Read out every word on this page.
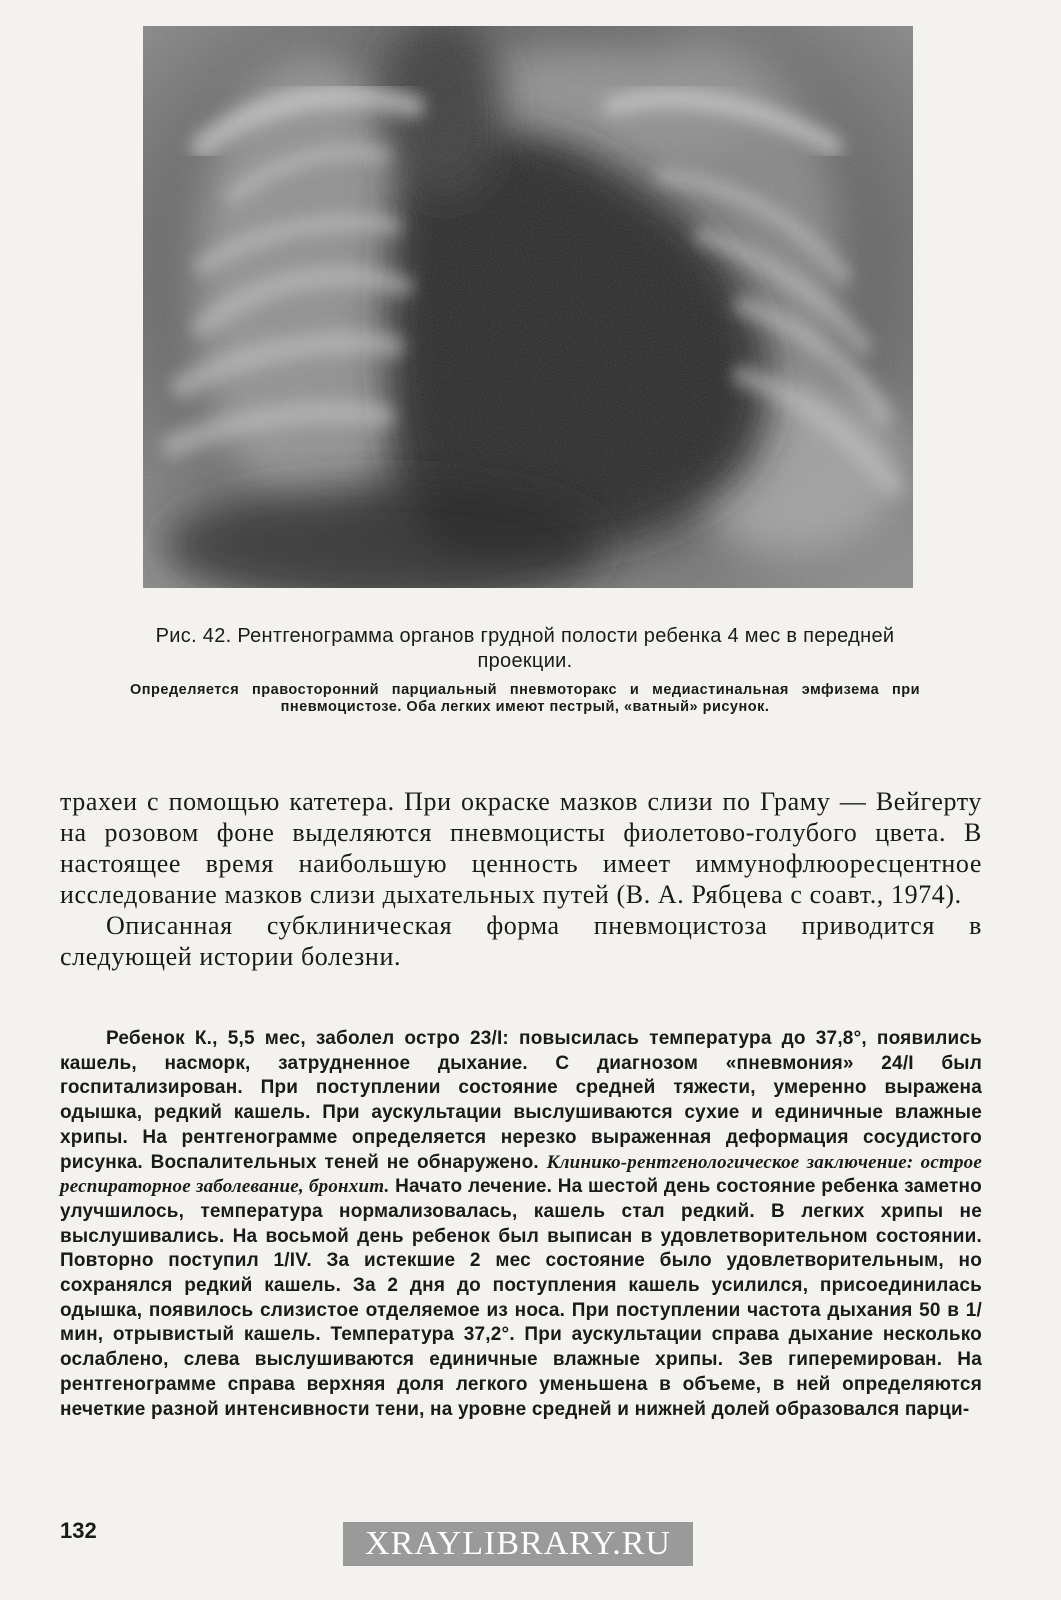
Рис. 42. Рентгенограмма органов грудной полости ребенка 4 мес в передней проекции.

Определяется правосторонний парциальный пневмоторакс и медиастинальная эмфизема при пневмоцистозе. Оба легких имеют пестрый, «ватный» рисунок.

трахеи с помощью катетера. При окраске мазков слизи по Граму — Вейгерту на розовом фоне выделяются пневмоцисты фиолетово-голубого цвета. В настоящее время наибольшую ценность имеет иммунофлюоресцентное исследование мазков слизи дыхательных путей (В. А. Рябцева с соавт., 1974).

Описанная субклиническая форма пневмоцистоза приводится в следующей истории болезни.

Ребенок К., 5,5 мес, заболел остро 23/I: повысилась температура до 37,8°, появились кашель, насморк, затрудненное дыхание. С диагнозом «пневмония» 24/I был госпитализирован. При поступлении состояние средней тяжести, умеренно выражена одышка, редкий кашель. При аускультации выслушиваются сухие и единичные влажные хрипы. На рентгенограмме определяется нерезко выраженная деформация сосудистого рисунка. Воспалительных теней не обнаружено. Клинико-рентгенологическое заключение: острое респираторное заболевание, бронхит. Начато лечение. На шестой день состояние ребенка заметно улучшилось, температура нормализовалась, кашель стал редкий. В легких хрипы не выслушивались. На восьмой день ребенок был выписан в удовлетворительном состоянии. Повторно поступил 1/IV. За истекшие 2 мес состояние было удовлетворительным, но сохранялся редкий кашель. За 2 дня до поступления кашель усилился, присоединилась одышка, появилось слизистое отделяемое из носа. При поступлении частота дыхания 50 в 1/мин, отрывистый кашель. Температура 37,2°. При аускультации справа дыхание несколько ослаблено, слева выслушиваются единичные влажные хрипы. Зев гиперемирован. На рентгенограмме справа верхняя доля легкого уменьшена в объеме, в ней определяются нечеткие разной интенсивности тени, на уровне средней и нижней долей образовался парци-

132	XRAYLIBRARY.RU
